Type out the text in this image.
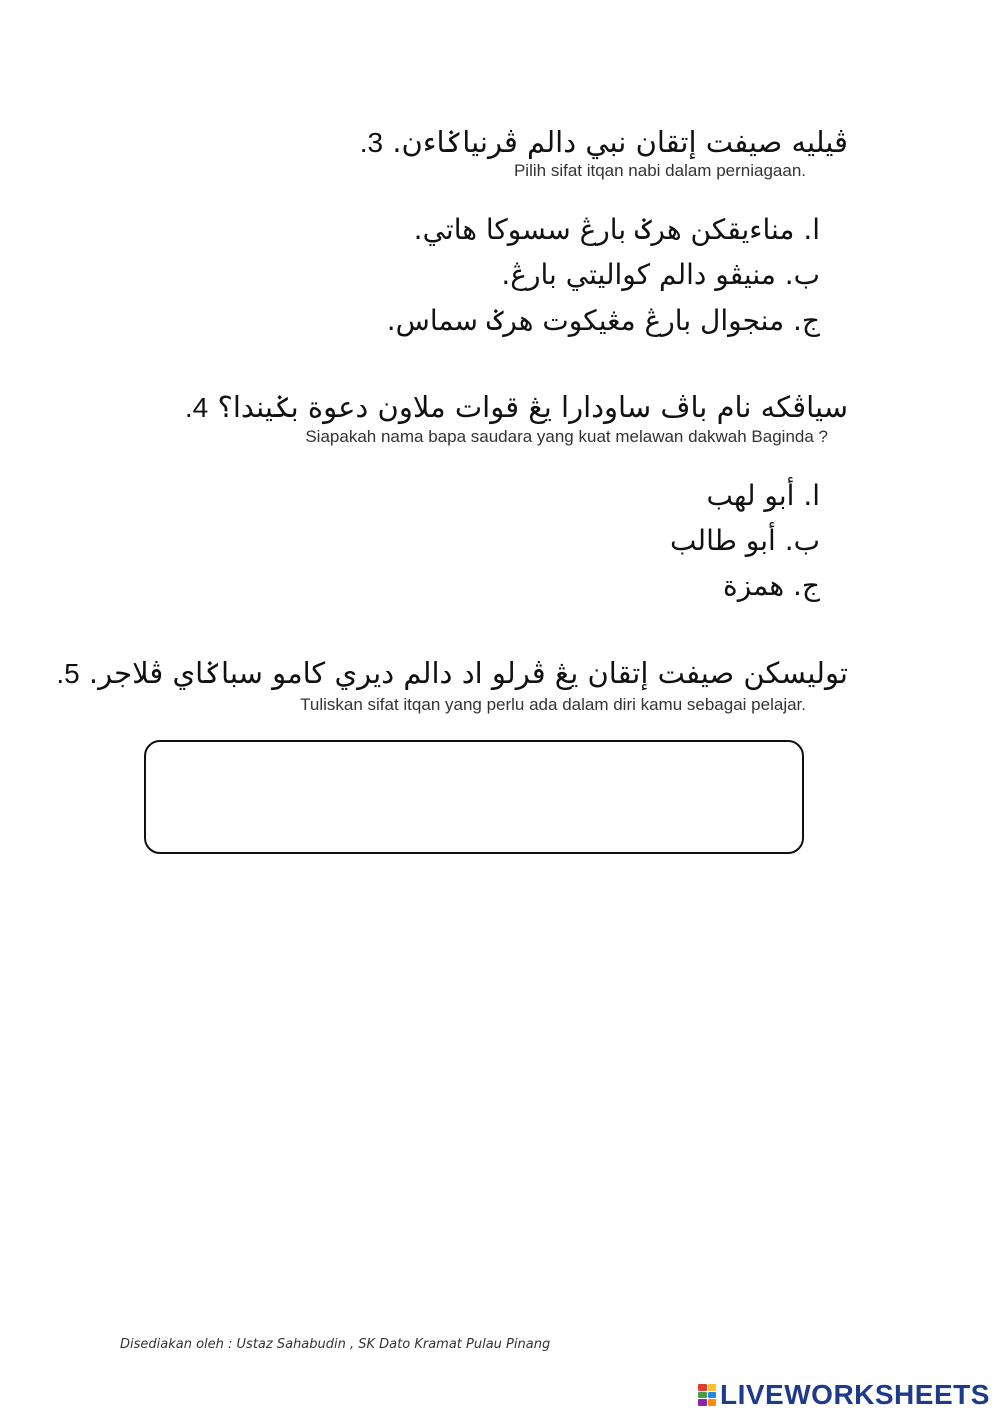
ڤيليه صيفت إتقان نبي دالم ڤرنياݢاءن. 3.
Pilih sifat itqan nabi dalam perniagaan.
ا. مناءيقكن هرݢ بارڠ سسوكا هاتي.
ب. منيڤو دالم كواليتي بارڠ.
ج. منجوال بارڠ مڠيكوت هرݢ سماس.
سياڤكه نام باڤ ساودارا يڠ قوات ملاون دعوة بݢيندا؟ 4.
Siapakah nama bapa saudara yang kuat melawan dakwah Baginda ?
ا. أبو لهب
ب. أبو طالب
ج. همزة
توليسكن صيفت إتقان يڠ ڤرلو اد دالم ديري كامو سباݢاي ڤلاجر. 5.
Tuliskan sifat itqan yang perlu ada dalam diri kamu sebagai pelajar.
Disediakan oleh : Ustaz Sahabudin , SK Dato Kramat Pulau Pinang
LIVEWORKSHEETS
